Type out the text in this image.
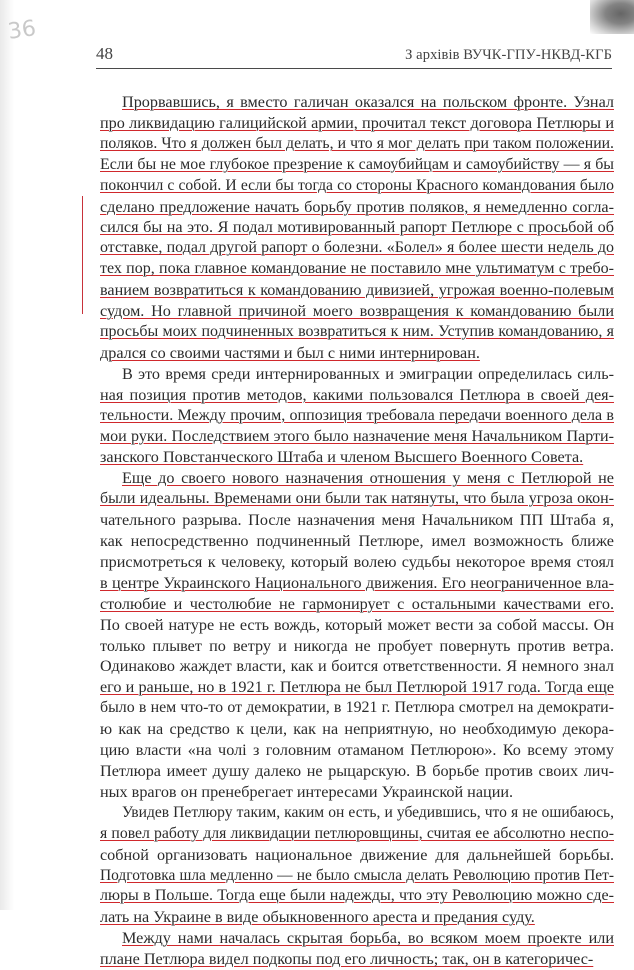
36
48	З архівів ВУЧК-ГПУ-НКВД-КГБ

Прорвавшись, я вместо галичан оказался на польском фронте. Узнал
про ликвидацию галицийской армии, прочитал текст договора Петлюры и
поляков. Что я должен был делать, и что я мог делать при таком положении.
Если бы не мое глубокое презрение к самоубийцам и самоубийству — я бы
покончил с собой. И если бы тогда со стороны Красного командования было
сделано предложение начать борьбу против поляков, я немедленно согла-
сился бы на это. Я подал мотивированный рапорт Петлюре с просьбой об
отставке, подал другой рапорт о болезни. «Болел» я более шести недель до
тех пор, пока главное командование не поставило мне ультиматум с требо-
ванием возвратиться к командованию дивизией, угрожая военно-полевым
судом. Но главной причиной моего возвращения к командованию были
просьбы моих подчиненных возвратиться к ним. Уступив командованию, я
дрался со своими частями и был с ними интернирован.

В это время среди интернированных и эмиграции определилась силь-
ная позиция против методов, какими пользовался Петлюра в своей дея-
тельности. Между прочим, оппозиция требовала передачи военного дела в
мои руки. Последствием этого было назначение меня Начальником Парти-
занского Повстанческого Штаба и членом Высшего Военного Совета.

Еще до своего нового назначения отношения у меня с Петлюрой не
были идеальны. Временами они были так натянуты, что была угроза окон-
чательного разрыва. После назначения меня Начальником ПП Штаба я,
как непосредственно подчиненный Петлюре, имел возможность ближе
присмотреться к человеку, который волею судьбы некоторое время стоял
в центре Украинского Национального движения. Его неограниченное вла-
столюбие и честолюбие не гармонирует с остальными качествами его.
По своей натуре не есть вождь, который может вести за собой массы. Он
только плывет по ветру и никогда не пробует повернуть против ветра.
Одинаково жаждет власти, как и боится ответственности. Я немного знал
его и раньше, но в 1921 г. Петлюра не был Петлюрой 1917 года. Тогда еще
было в нем что-то от демократии, в 1921 г. Петлюра смотрел на демократи-
ю как на средство к цели, как на неприятную, но необходимую декора-
цию власти «на чолі з головним отаманом Петлюрою». Ко всему этому
Петлюра имеет душу далеко не рыцарскую. В борьбе против своих лич-
ных врагов он пренебрегает интересами Украинской нации.

Увидев Петлюру таким, каким он есть, и убедившись, что я не ошибаюсь,
я повел работу для ликвидации петлюровщины, считая ее абсолютно неспо-
собной организовать национальное движение для дальнейшей борьбы.
Подготовка шла медленно — не было смысла делать Революцию против Пет-
люры в Польше. Тогда еще были надежды, что эту Революцию можно сде-
лать на Украине в виде обыкновенного ареста и предания суду.

Между нами началась скрытая борьба, во всяком моем проекте или
плане Петлюра видел подкопы под его личность; так, он в категоричес-
